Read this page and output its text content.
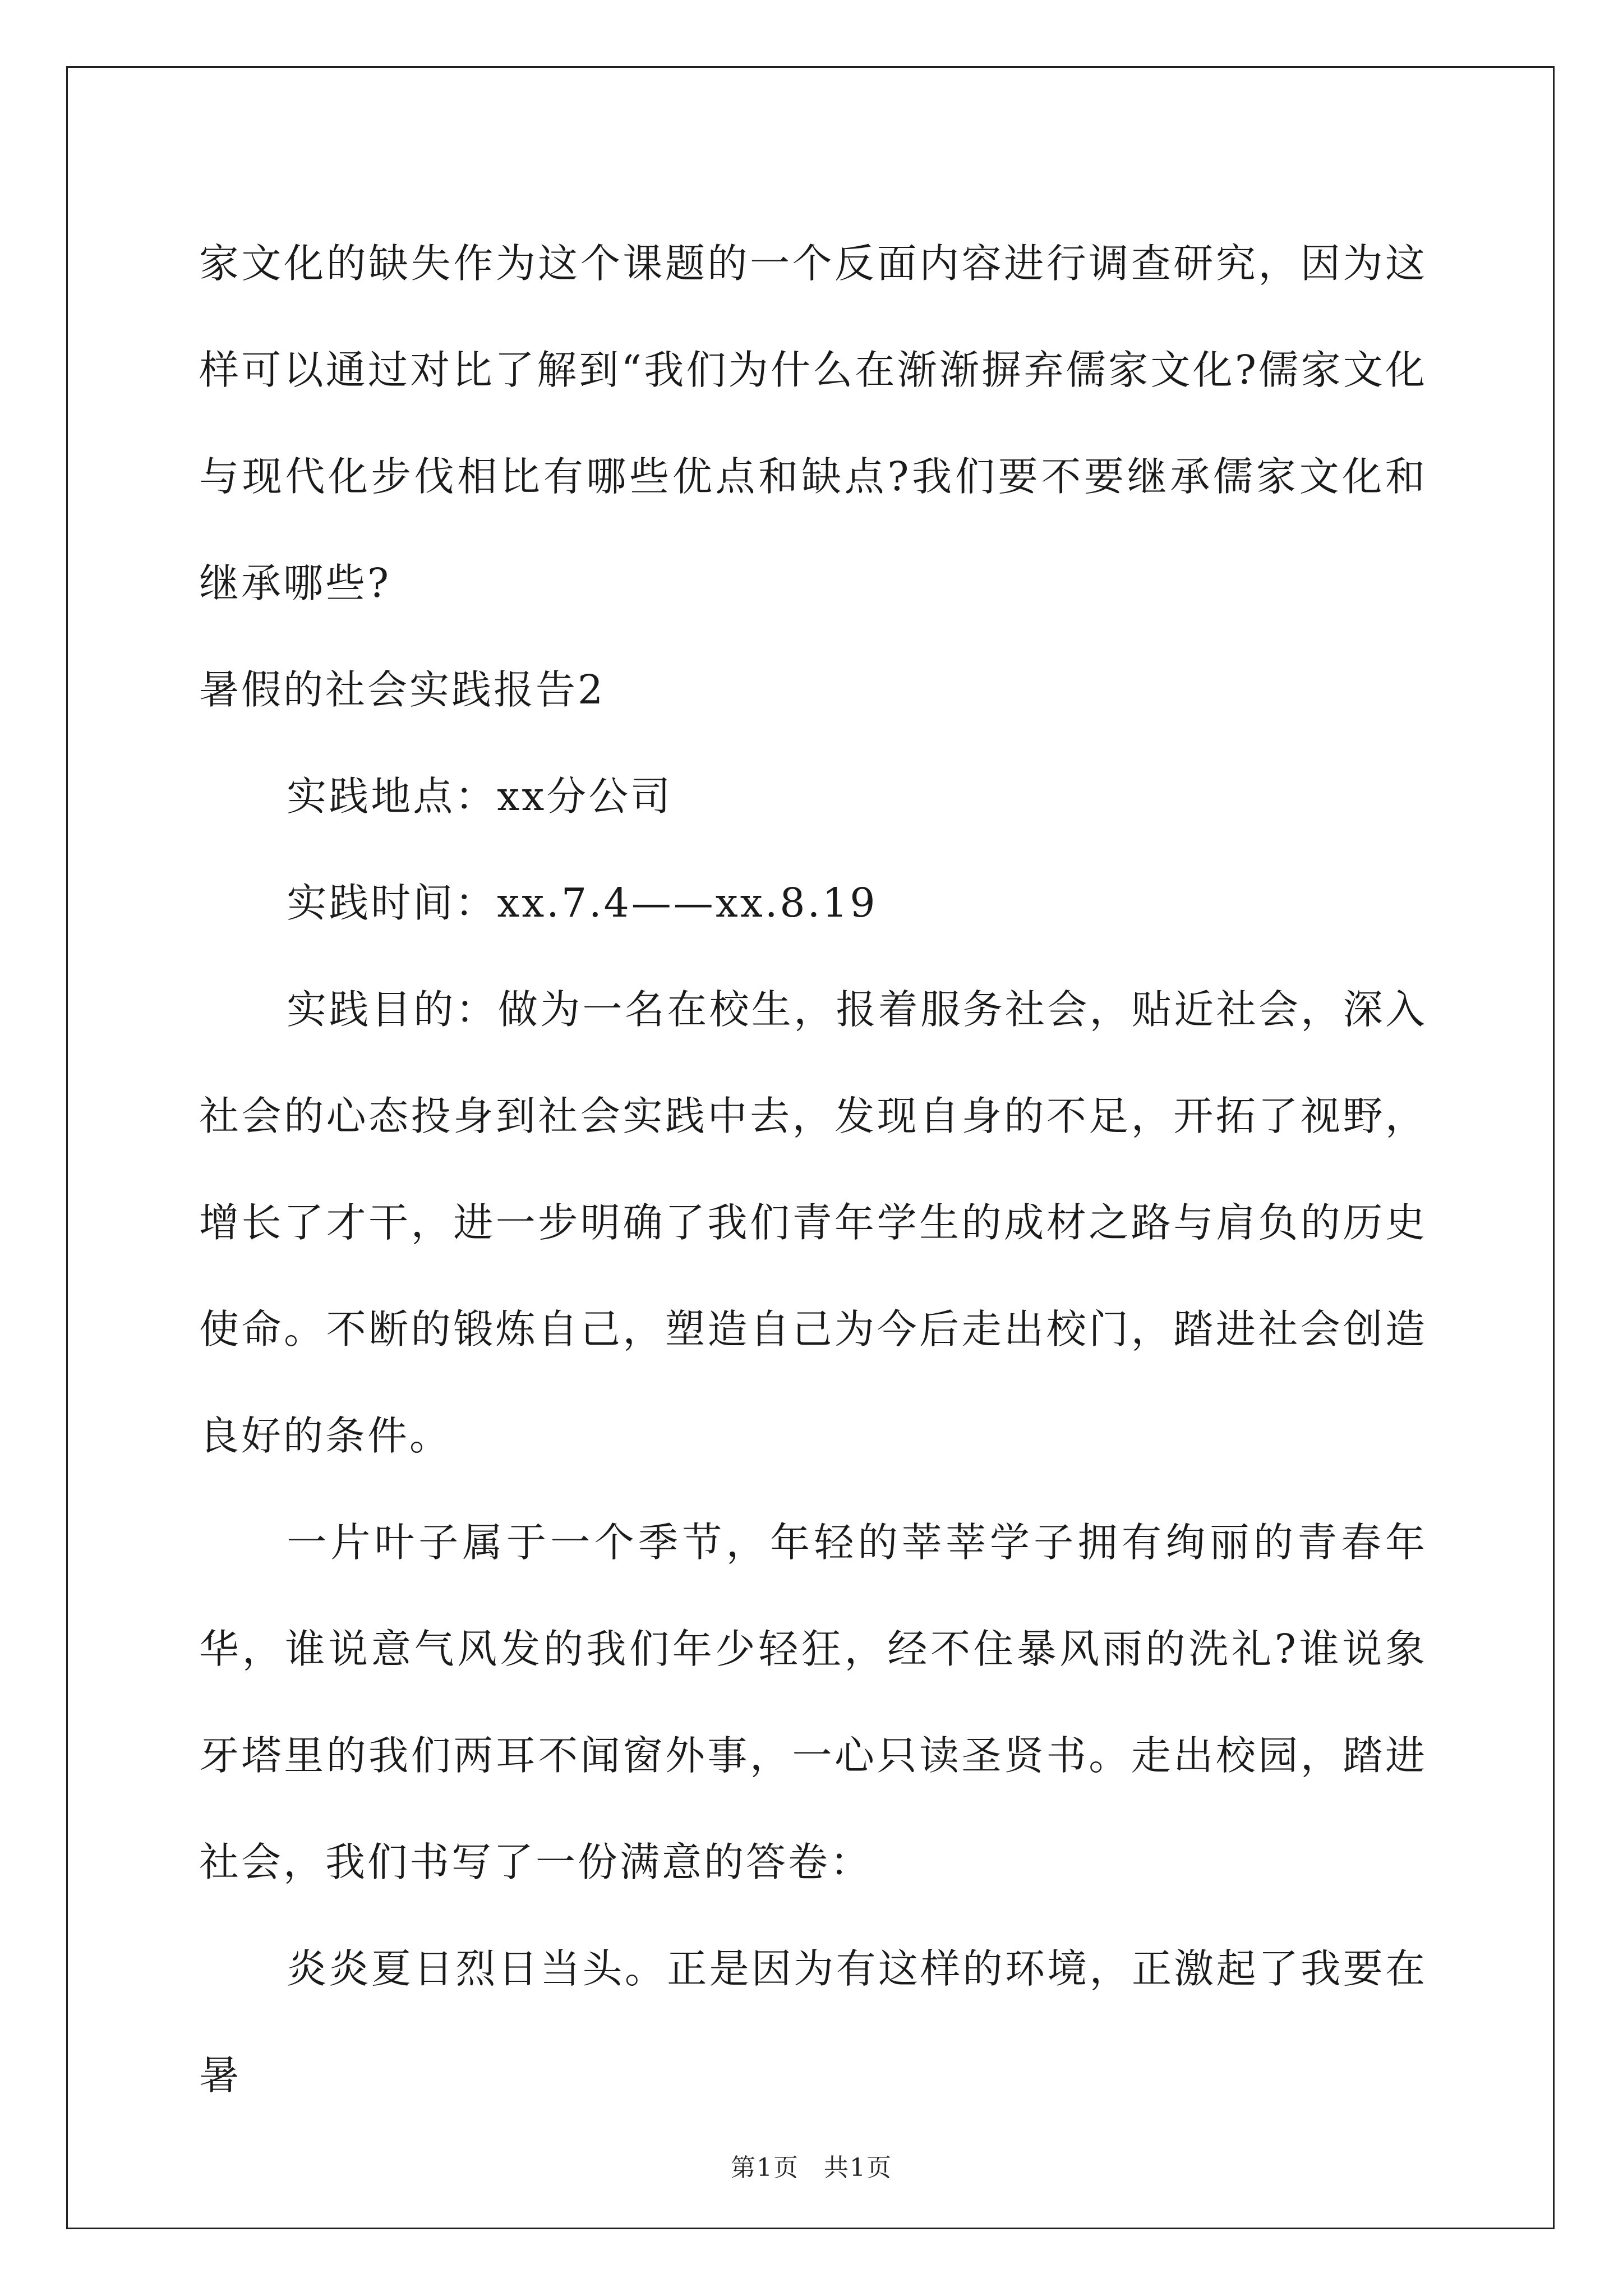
家文化的缺失作为这个课题的一个反面内容进行调查研究，因为这样可以通过对比了解到“我们为什么在渐渐摒弃儒家文化?儒家文化与现代化步伐相比有哪些优点和缺点?我们要不要继承儒家文化和继承哪些?

暑假的社会实践报告2

实践地点：xx分公司

实践时间：xx.7.4——xx.8.19

实践目的：做为一名在校生，报着服务社会，贴近社会，深入社会的心态投身到社会实践中去，发现自身的不足，开拓了视野，增长了才干，进一步明确了我们青年学生的成材之路与肩负的历史使命。不断的锻炼自己，塑造自己为今后走出校门，踏进社会创造良好的条件。

一片叶子属于一个季节，年轻的莘莘学子拥有绚丽的青春年华，谁说意气风发的我们年少轻狂，经不住暴风雨的洗礼?谁说象牙塔里的我们两耳不闻窗外事，一心只读圣贤书。走出校园，踏进社会，我们书写了一份满意的答卷：

炎炎夏日烈日当头。正是因为有这样的环境，正激起了我要在暑

第1页 共1页
